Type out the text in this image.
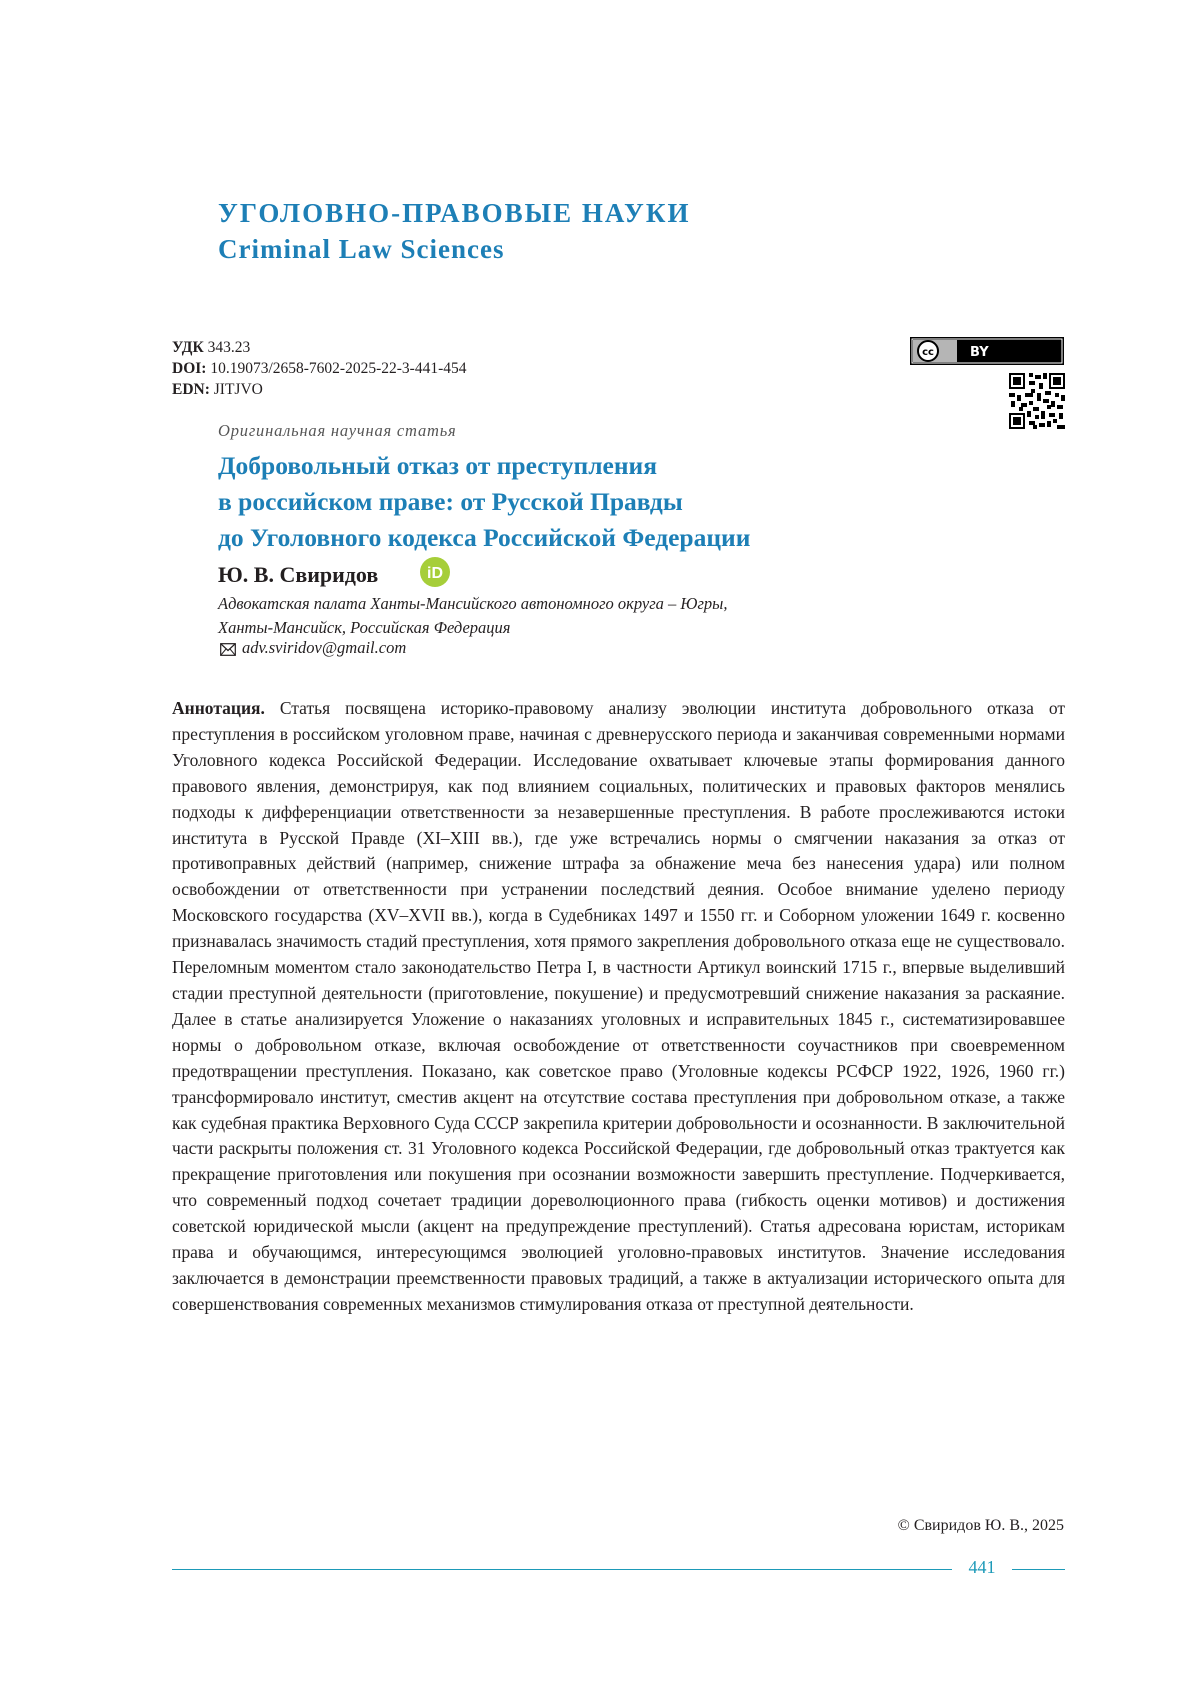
УГОЛОВНО-ПРАВОВЫЕ НАУКИ
Criminal Law Sciences
УДК 343.23
DOI: 10.19073/2658-7602-2025-22-3-441-454
EDN: JITJVO
cc	BY
Оригинальная научная статья
Добровольный отказ от преступления
в российском праве: от Русской Правды
до Уголовного кодекса Российской Федерации
Ю. В. Свиридов	iD
Адвокатская палата Ханты-Мансийского автономного округа – Югры,
Ханты-Мансийск, Российская Федерация
adv.sviridov@gmail.com
Аннотация. Статья посвящена историко-правовому анализу эволюции института добровольного отказа от преступления в российском уголовном праве, начиная с древнерусского периода и заканчивая современными нормами Уголовного кодекса Российской Федерации. Исследование охватывает ключевые этапы формирования данного правового явления, демонстрируя, как под влиянием социальных, политических и правовых факторов менялись подходы к дифференциации ответственности за незавершенные преступления. В работе прослеживаются истоки института в Русской Правде (XI–XIII вв.), где уже встречались нормы о смягчении наказания за отказ от противоправных действий (например, снижение штрафа за обнажение меча без нанесения удара) или полном освобождении от ответственности при устранении последствий деяния. Особое внимание уделено периоду Московского государства (XV–XVII вв.), когда в Судебниках 1497 и 1550 гг. и Соборном уложении 1649 г. косвенно признавалась значимость стадий преступления, хотя прямого закрепления добровольного отказа еще не существовало. Переломным моментом стало законодательство Петра I, в частности Артикул воинский 1715 г., впервые выделивший стадии преступной деятельности (приготовление, покушение) и предусмотревший снижение наказания за раскаяние. Далее в статье анализируется Уложение о наказаниях уголовных и исправительных 1845 г., систематизировавшее нормы о добровольном отказе, включая освобождение от ответственности соучастников при своевременном предотвращении преступления. Показано, как советское право (Уголовные кодексы РСФСР 1922, 1926, 1960 гг.) трансформировало институт, сместив акцент на отсутствие состава преступления при добровольном отказе, а также как судебная практика Верховного Суда СССР закрепила критерии добровольности и осознанности. В заключительной части раскрыты положения ст. 31 Уголовного кодекса Российской Федерации, где добровольный отказ трактуется как прекращение приготовления или покушения при осознании возможности завершить преступление. Подчеркивается, что современный подход сочетает традиции дореволюционного права (гибкость оценки мотивов) и достижения советской юридической мысли (акцент на предупреждение преступлений). Статья адресована юристам, историкам права и обучающимся, интересующимся эволюцией уголовно-правовых институтов. Значение исследования заключается в демонстрации преемственности правовых традиций, а также в актуализации исторического опыта для совершенствования современных механизмов стимулирования отказа от преступной деятельности.
© Свиридов Ю. В., 2025
441
